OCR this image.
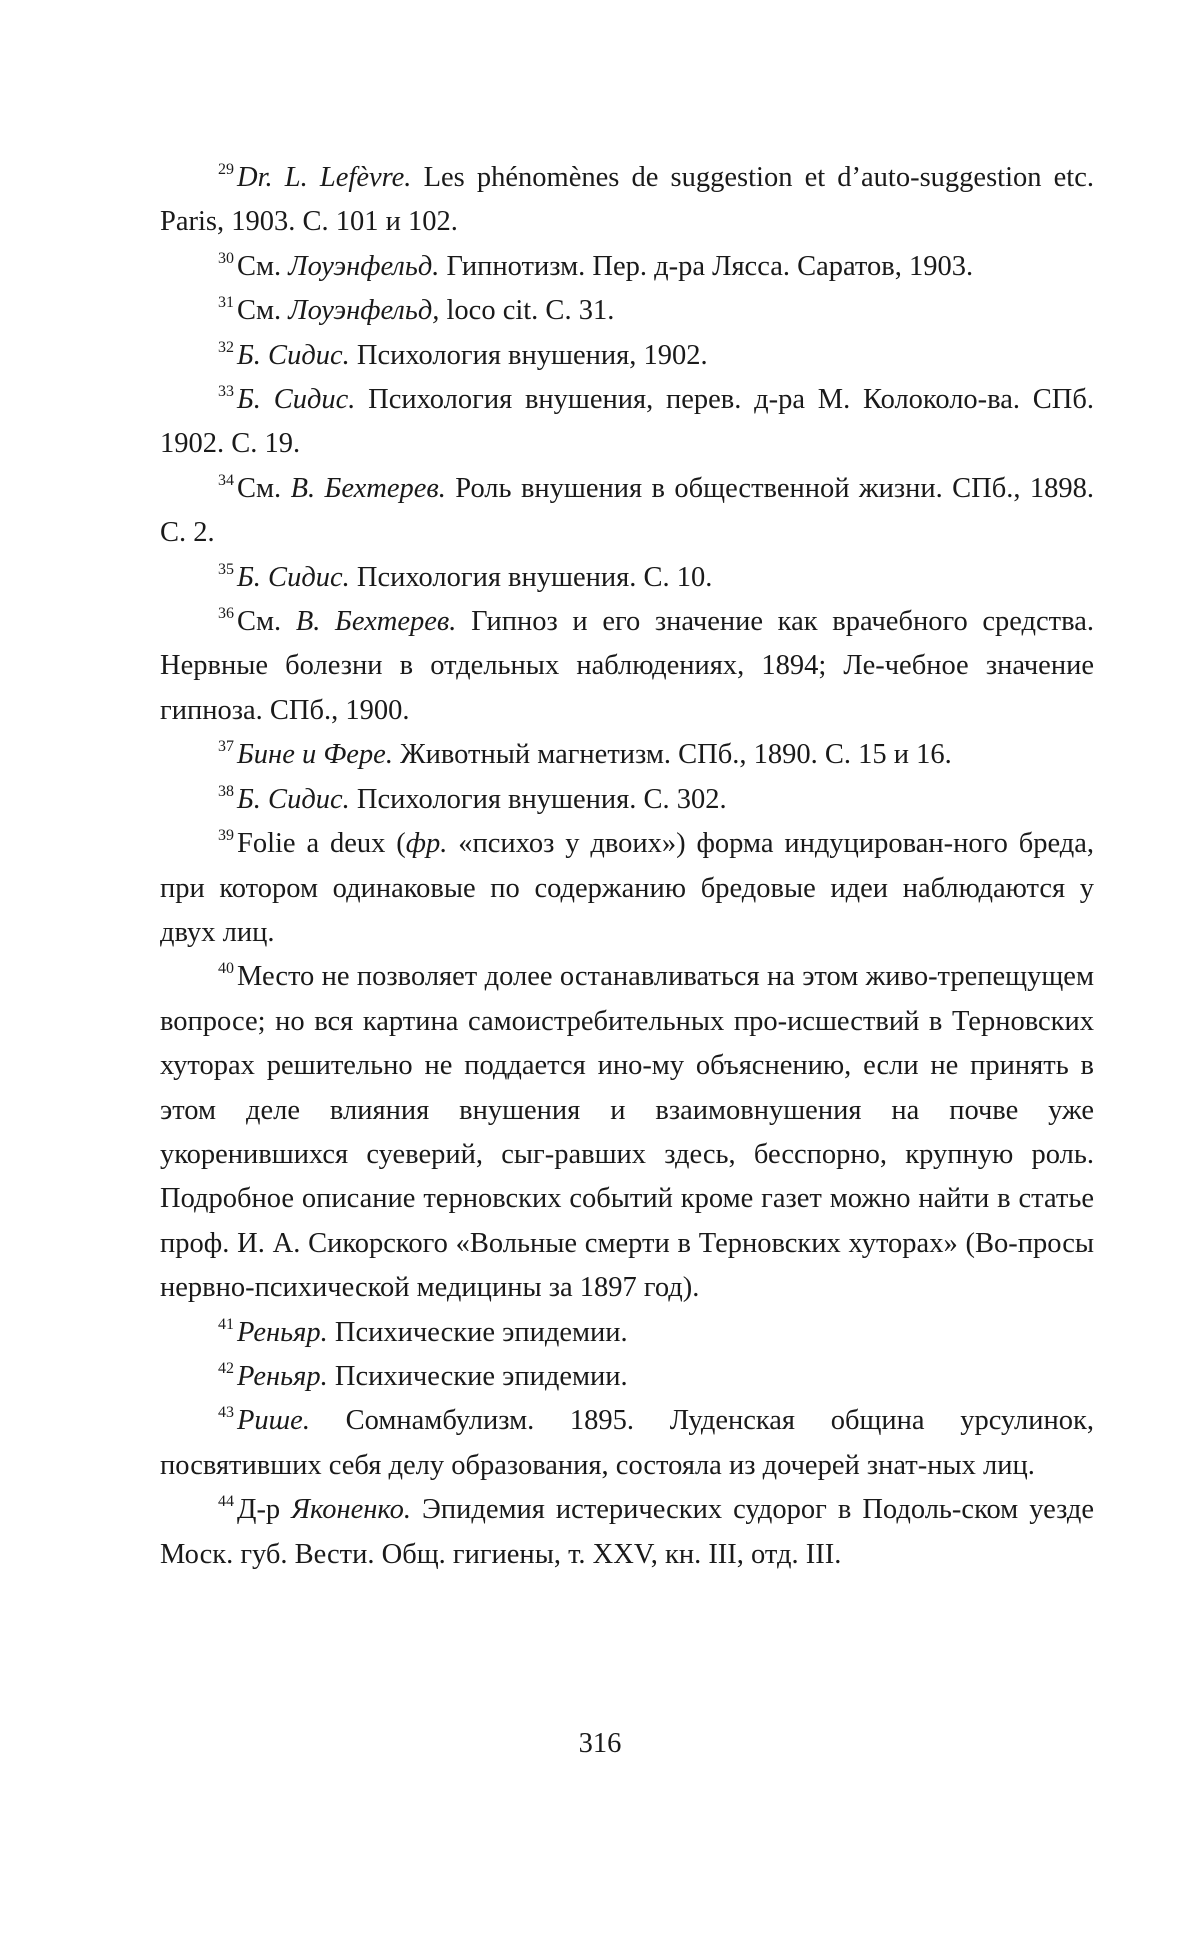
$^{29}$ Dr. L. Lefèvre. Les phénomènes de suggestion et d’auto-suggestion etc. Paris, 1903. С. 101 и 102.

$^{30}$ См. Лоуэнфельд. Гипнотизм. Пер. д-ра Лясса. Саратов, 1903.

$^{31}$ См. Лоуэнфельд, loco cit. С. 31.

$^{32}$ Б. Сидис. Психология внушения, 1902.

$^{33}$ Б. Сидис. Психология внушения, перев. д-ра М. Колоколо-ва. СПб. 1902. С. 19.

$^{34}$ См. В. Бехтерев. Роль внушения в общественной жизни. СПб., 1898. С. 2.

$^{35}$ Б. Сидис. Психология внушения. С. 10.

$^{36}$ См. В. Бехтерев. Гипноз и его значение как врачебного средства. Нервные болезни в отдельных наблюдениях, 1894; Ле-чебное значение гипноза. СПб., 1900.

$^{37}$ Бине и Фере. Животный магнетизм. СПб., 1890. С. 15 и 16.

$^{38}$ Б. Сидис. Психология внушения. С. 302.

$^{39}$ Folie a deux (фр. «психоз у двоих») форма индуцирован-ного бреда, при котором одинаковые по содержанию бредовые идеи наблюдаются у двух лиц.

$^{40}$ Место не позволяет долее останавливаться на этом живо-трепещущем вопросе; но вся картина самоистребительных про-исшествий в Терновских хуторах решительно не поддается ино-му объяснению, если не принять в этом деле влияния внушения и взаимовнушения на почве уже укоренившихся суеверий, сыг-равших здесь, бесспорно, крупную роль. Подробное описание терновских событий кроме газет можно найти в статье проф. И. А. Сикорского «Вольные смерти в Терновских хуторах» (Во-просы нервно-психической медицины за 1897 год).

$^{41}$ Реньяр. Психические эпидемии.

$^{42}$ Реньяр. Психические эпидемии.

$^{43}$ Рише. Сомнамбулизм. 1895. Луденская община урсулинок, посвятивших себя делу образования, состояла из дочерей знат-ных лиц.

$^{44}$ Д-р Яконенко. Эпидемия истерических судорог в Подоль-ском уезде Моск. губ. Вести. Общ. гигиены, т. XXV, кн. III, отд. III.

316
